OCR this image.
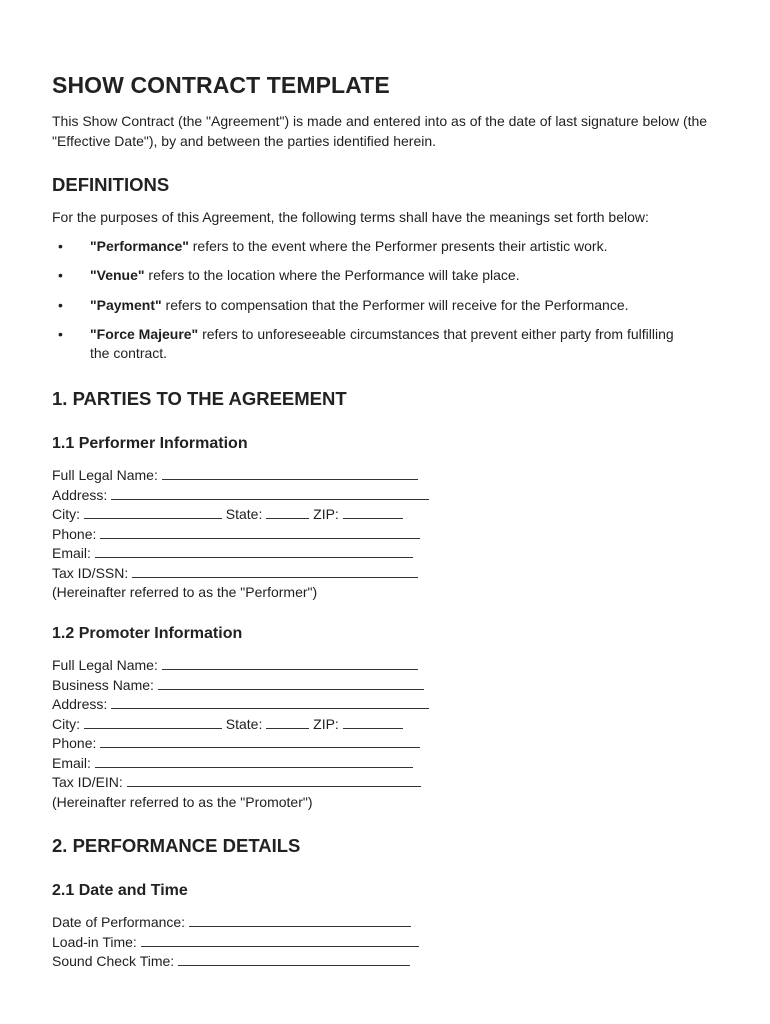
SHOW CONTRACT TEMPLATE

This Show Contract (the "Agreement") is made and entered into as of the date of last signature below (the "Effective Date"), by and between the parties identified herein.

DEFINITIONS

For the purposes of this Agreement, the following terms shall have the meanings set forth below:

• "Performance" refers to the event where the Performer presents their artistic work.
• "Venue" refers to the location where the Performance will take place.
• "Payment" refers to compensation that the Performer will receive for the Performance.
• "Force Majeure" refers to unforeseeable circumstances that prevent either party from fulfilling the contract.
1. PARTIES TO THE AGREEMENT
1.1 Performer Information
Full Legal Name:
Address:
City:	State:	ZIP:
Phone:
Email:
Tax ID/SSN:
(Hereinafter referred to as the "Performer")
1.2 Promoter Information
Full Legal Name:
Business Name:
Address:
City:	State:	ZIP:
Phone:
Email:
Tax ID/EIN:
(Hereinafter referred to as the "Promoter")
2. PERFORMANCE DETAILS
2.1 Date and Time
Date of Performance:
Load-in Time:
Sound Check Time:
